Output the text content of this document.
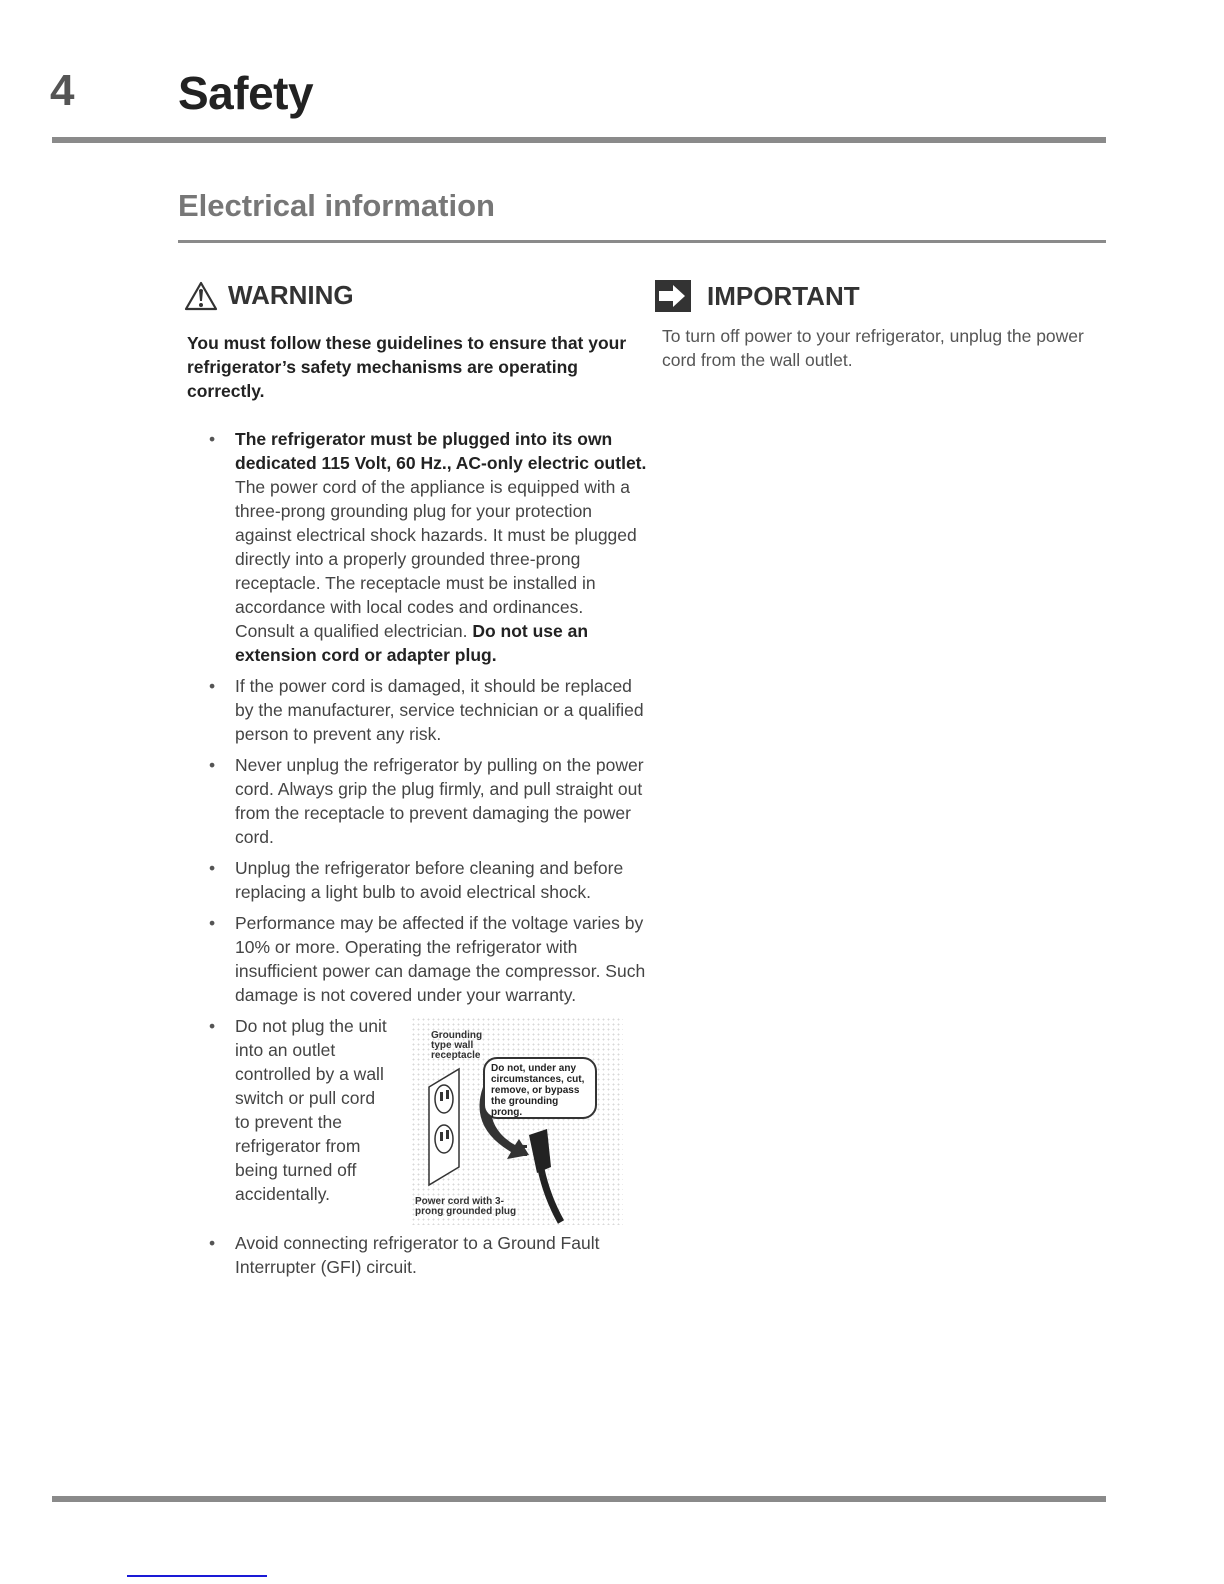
4 Safety
Electrical information
WARNING
You must follow these guidelines to ensure that your refrigerator’s safety mechanisms are operating correctly.
• The refrigerator must be plugged into its own dedicated 115 Volt, 60 Hz., AC-only electric outlet. The power cord of the appliance is equipped with a three-prong grounding plug for your protection against electrical shock hazards. It must be plugged directly into a properly grounded three-prong receptacle. The receptacle must be installed in accordance with local codes and ordinances. Consult a qualified electrician. Do not use an extension cord or adapter plug.
• If the power cord is damaged, it should be replaced by the manufacturer, service technician or a qualified person to prevent any risk.
• Never unplug the refrigerator by pulling on the power cord. Always grip the plug firmly, and pull straight out from the receptacle to prevent damaging the power cord.
• Unplug the refrigerator before cleaning and before replacing a light bulb to avoid electrical shock.
• Performance may be affected if the voltage varies by 10% or more. Operating the refrigerator with insufficient power can damage the compressor. Such damage is not covered under your warranty.
• Do not plug the unit into an outlet controlled by a wall switch or pull cord to prevent the refrigerator from being turned off accidentally.
Grounding type wall receptacle
Do not, under any circumstances, cut, remove, or bypass the grounding prong.
Power cord with 3-prong grounded plug
• Avoid connecting refrigerator to a Ground Fault Interrupter (GFI) circuit.
IMPORTANT
To turn off power to your refrigerator, unplug the power cord from the wall outlet.
